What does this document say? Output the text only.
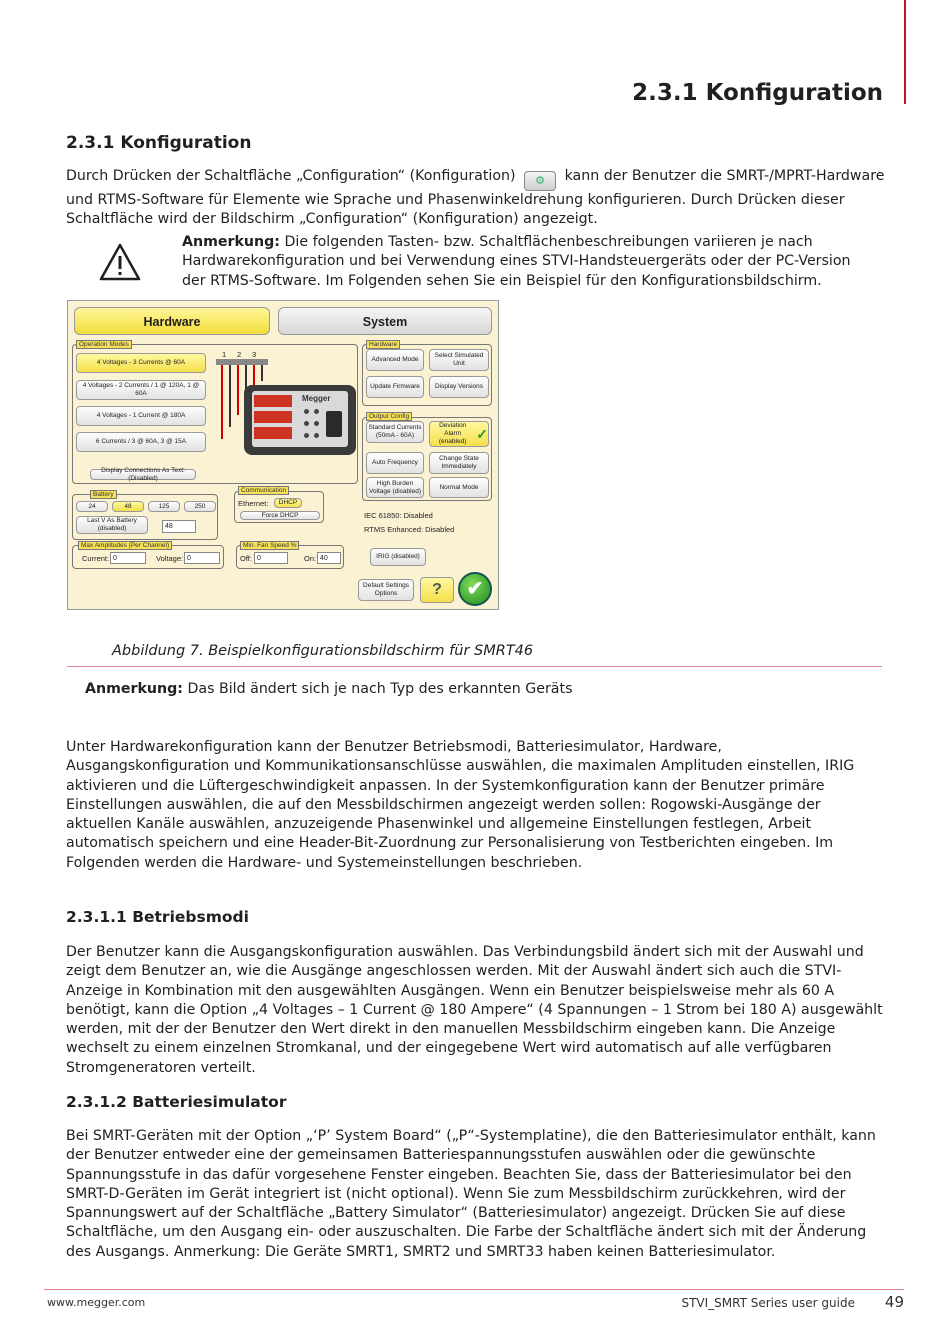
2.3.1 Konfiguration
2.3.1 Konfiguration
Durch Drücken der Schaltfläche „Configuration“ (Konfiguration) ⚙ kann der Benutzer die SMRT-/MPRT-Hardware und RTMS-Software für Elemente wie Sprache und Phasenwinkeldrehung konfigurieren. Durch Drücken dieser Schaltfläche wird der Bildschirm „Configuration“ (Konfiguration) angezeigt.
Anmerkung: Die folgenden Tasten- bzw. Schaltflächenbeschreibungen variieren je nach Hardwarekonfiguration und bei Verwendung eines STVI-Handsteuergeräts oder der PC-Version der RTMS-Software. Im Folgenden sehen Sie ein Beispiel für den Konfigurationsbildschirm.
Hardware	System
Operation Modes
4 Voltages - 3 Currents @ 60A
4 Voltages - 2 Currents / 1 @ 120A, 1 @ 60A
4 Voltages - 1 Current @ 180A
6 Currents / 3 @ 60A, 3 @ 15A
1 2 3
Megger
Display Connections As Text: (Disabled)
Hardware
Advanced Mode
Select Simulated Unit
Update Firmware	Display Versions
Output Config
Standard Currents (50mA - 60A)
Deviation Alarm (enabled) ✓
Auto Frequency
Change State Immediately
High Burden Voltage (disabled)
Normal Mode
Battery
24	48	125	250
Last V As Battery (disabled)	48
Communication
Ethernet:	DHCP
Force DHCP	IEC 61850: Disabled
RTMS Enhanced: Disabled
Max Amplitudes (Per Channel)
Current: 0	Voltage: 0
Min. Fan Speed %
Off: 0	On: 40	IRIG (disabled)
Default Settings Options	?	✔
Abbildung 7. Beispielkonfigurationsbildschirm für SMRT46
Anmerkung: Das Bild ändert sich je nach Typ des erkannten Geräts
Unter Hardwarekonfiguration kann der Benutzer Betriebsmodi, Batteriesimulator, Hardware, Ausgangskonfiguration und Kommunikationsanschlüsse auswählen, die maximalen Amplituden einstellen, IRIG aktivieren und die Lüftergeschwindigkeit anpassen. In der Systemkonfiguration kann der Benutzer primäre Einstellungen auswählen, die auf den Messbildschirmen angezeigt werden sollen: Rogowski-Ausgänge der aktuellen Kanäle auswählen, anzuzeigende Phasenwinkel und allgemeine Einstellungen festlegen, Arbeit automatisch speichern und eine Header-Bit-Zuordnung zur Personalisierung von Testberichten eingeben. Im Folgenden werden die Hardware- und Systemeinstellungen beschrieben.
2.3.1.1 Betriebsmodi
Der Benutzer kann die Ausgangskonfiguration auswählen. Das Verbindungsbild ändert sich mit der Auswahl und zeigt dem Benutzer an, wie die Ausgänge angeschlossen werden. Mit der Auswahl ändert sich auch die STVI-Anzeige in Kombination mit den ausgewählten Ausgängen. Wenn ein Benutzer beispielsweise mehr als 60 A benötigt, kann die Option „4 Voltages – 1 Current @ 180 Ampere“ (4 Spannungen – 1 Strom bei 180 A) ausgewählt werden, mit der der Benutzer den Wert direkt in den manuellen Messbildschirm eingeben kann. Die Anzeige wechselt zu einem einzelnen Stromkanal, und der eingegebene Wert wird automatisch auf alle verfügbaren Stromgeneratoren verteilt.
2.3.1.2 Batteriesimulator
Bei SMRT-Geräten mit der Option „‘P’ System Board“ („P“-Systemplatine), die den Batteriesimulator enthält, kann der Benutzer entweder eine der gemeinsamen Batteriespannungsstufen auswählen oder die gewünschte Spannungsstufe in das dafür vorgesehene Fenster eingeben. Beachten Sie, dass der Batteriesimulator bei den SMRT-D-Geräten im Gerät integriert ist (nicht optional). Wenn Sie zum Messbildschirm zurückkehren, wird der Spannungswert auf der Schaltfläche „Battery Simulator“ (Batteriesimulator) angezeigt. Drücken Sie auf diese Schaltfläche, um den Ausgang ein- oder auszuschalten. Die Farbe der Schaltfläche ändert sich mit der Änderung des Ausgangs. Anmerkung: Die Geräte SMRT1, SMRT2 und SMRT33 haben keinen Batteriesimulator.
www.megger.com	STVI_SMRT Series user guide 49
